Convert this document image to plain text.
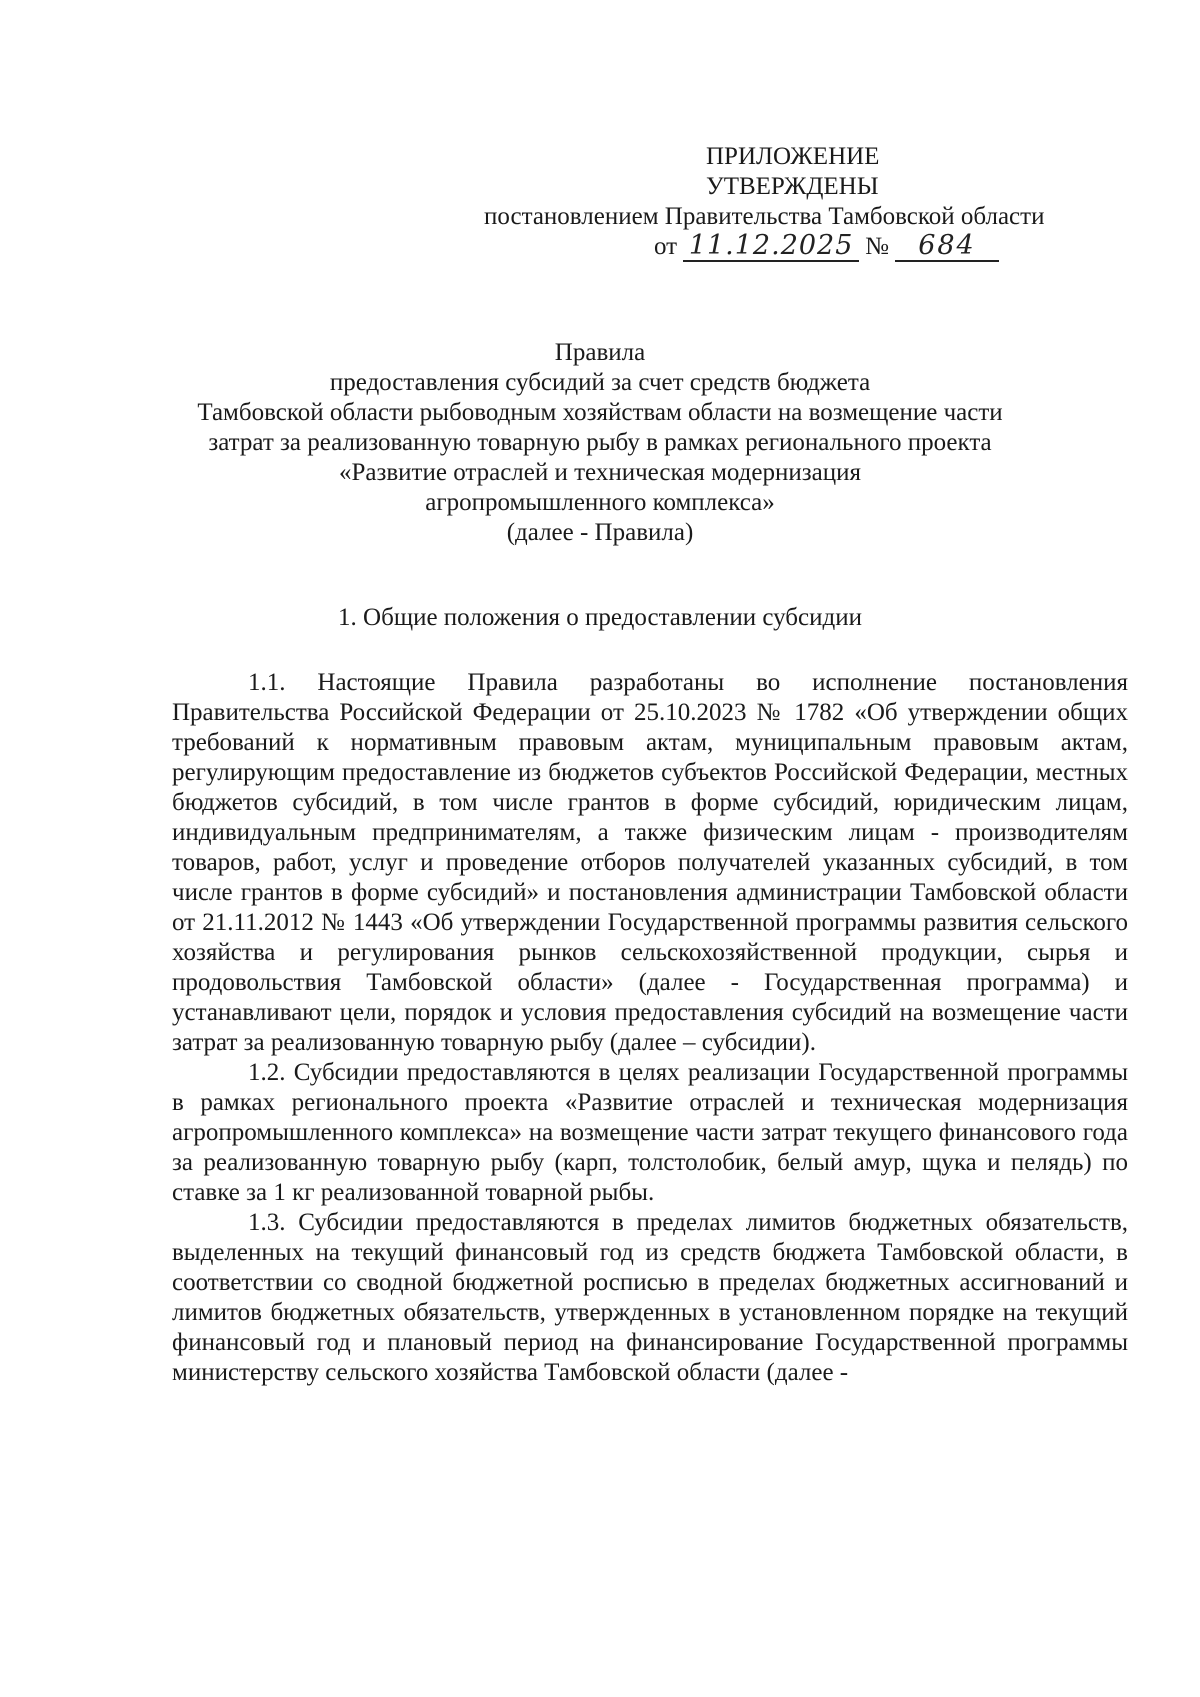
ПРИЛОЖЕНИЕ
УТВЕРЖДЕНЫ
постановлением Правительства Тамбовской области
от 11.12.2025 №	684
Правила
предоставления субсидий за счет средств бюджета
Тамбовской области рыбоводным хозяйствам области на возмещение части
затрат за реализованную товарную рыбу в рамках регионального проекта
«Развитие отраслей и техническая модернизация
агропромышленного комплекса»
(далее - Правила)
1. Общие положения о предоставлении субсидии

1.1. Настоящие Правила разработаны во исполнение постановления Правительства Российской Федерации от 25.10.2023 № 1782 «Об утверждении общих требований к нормативным правовым актам, муниципальным правовым актам, регулирующим предоставление из бюджетов субъектов Российской Федерации, местных бюджетов субсидий, в том числе грантов в форме субсидий, юридическим лицам, индивидуальным предпринимателям, а также физическим лицам - производителям товаров, работ, услуг и проведение отборов получателей указанных субсидий, в том числе грантов в форме субсидий» и постановления администрации Тамбовской области от 21.11.2012 № 1443 «Об утверждении Государственной программы развития сельского хозяйства и регулирования рынков сельскохозяйственной продукции, сырья и продовольствия Тамбовской области» (далее - Государственная программа) и устанавливают цели, порядок и условия предоставления субсидий на возмещение части затрат за реализованную товарную рыбу (далее – субсидии).

1.2. Субсидии предоставляются в целях реализации Государственной программы в рамках регионального проекта «Развитие отраслей и техническая модернизация агропромышленного комплекса» на возмещение части затрат текущего финансового года за реализованную товарную рыбу (карп, толстолобик, белый амур, щука и пелядь) по ставке за 1 кг реализованной товарной рыбы.

1.3. Субсидии предоставляются в пределах лимитов бюджетных обязательств, выделенных на текущий финансовый год из средств бюджета Тамбовской области, в соответствии со сводной бюджетной росписью в пределах бюджетных ассигнований и лимитов бюджетных обязательств, утвержденных в установленном порядке на текущий финансовый год и плановый период на финансирование Государственной программы министерству сельского хозяйства Тамбовской области (далее -
